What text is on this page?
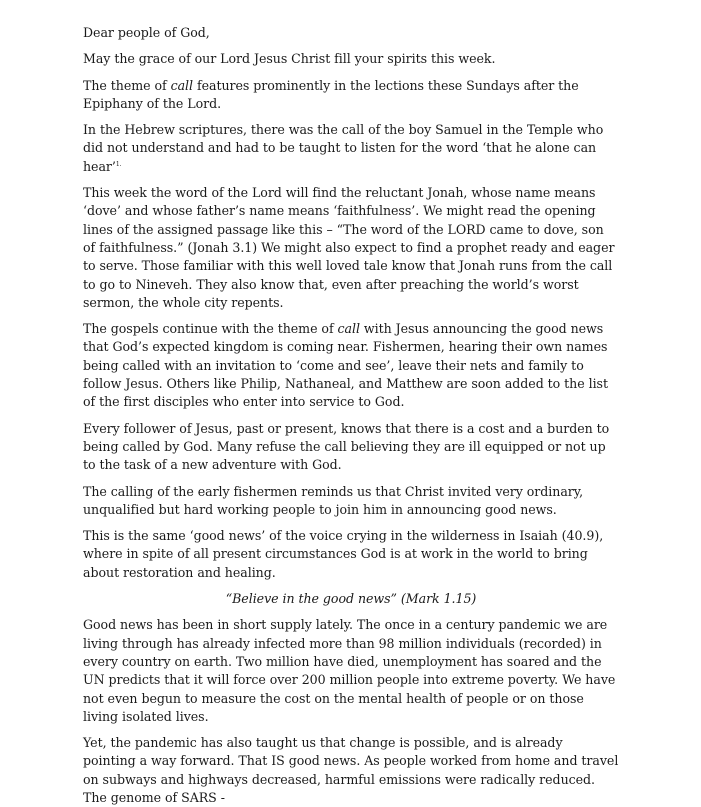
Dear people of God,

May the grace of our Lord Jesus Christ fill your spirits this week.

The theme of call features prominently in the lections these Sundays after the Epiphany of the Lord.

In the Hebrew scriptures, there was the call of the boy Samuel in the Temple who did not understand and had to be taught to listen for the word ‘that he alone can hear’$^{1.}$

This week the word of the Lord will find the reluctant Jonah, whose name means ‘dove’ and whose father’s name means ‘faithfulness’. We might read the opening lines of the assigned passage like this – “The word of the LORD came to dove, son of faithfulness.” (Jonah 3.1) We might also expect to find a prophet ready and eager to serve. Those familiar with this well loved tale know that Jonah runs from the call to go to Nineveh. They also know that, even after preaching the world’s worst sermon, the whole city repents.

The gospels continue with the theme of call with Jesus announcing the good news that God’s expected kingdom is coming near. Fishermen, hearing their own names being called with an invitation to ‘come and see’, leave their nets and family to follow Jesus. Others like Philip, Nathaneal, and Matthew are soon added to the list of the first disciples who enter into service to God.

Every follower of Jesus, past or present, knows that there is a cost and a burden to being called by God. Many refuse the call believing they are ill equipped or not up to the task of a new adventure with God.

The calling of the early fishermen reminds us that Christ invited very ordinary, unqualified but hard working people to join him in announcing good news.

This is the same ‘good news’ of the voice crying in the wilderness in Isaiah (40.9), where in spite of all present circumstances God is at work in the world to bring about restoration and healing.

“Believe in the good news” (Mark 1.15)

Good news has been in short supply lately. The once in a century pandemic we are living through has already infected more than 98 million individuals (recorded) in every country on earth. Two million have died, unemployment has soared and the UN predicts that it will force over 200 million people into extreme poverty. We have not even begun to measure the cost on the mental health of people or on those living isolated lives.

Yet, the pandemic has also taught us that change is possible, and is already pointing a way forward. That IS good news. As people worked from home and travel on subways and highways decreased, harmful emissions were radically reduced. The genome of SARS -
